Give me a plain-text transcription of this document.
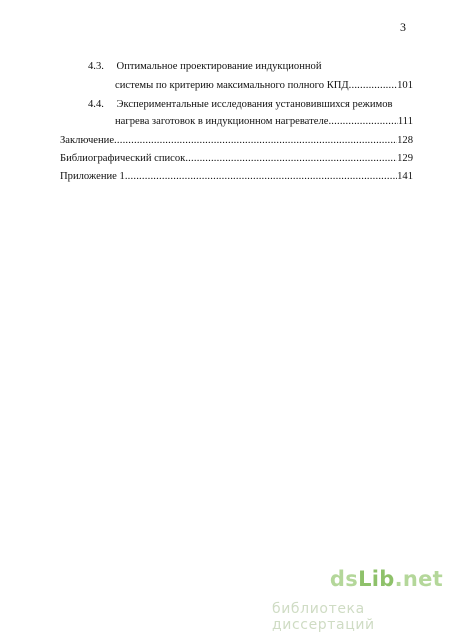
3
4.3. Оптимальное проектирование индукционной
системы по критерию максимального полного КПД .....	101
4.4. Экспериментальные исследования установившихся режимов
нагрева заготовок в индукционном нагревателе .....	111
Заключение .....	128
Библиографический список .....	129
Приложение 1 .....	141
dsLib.net
библиотека диссертаций
